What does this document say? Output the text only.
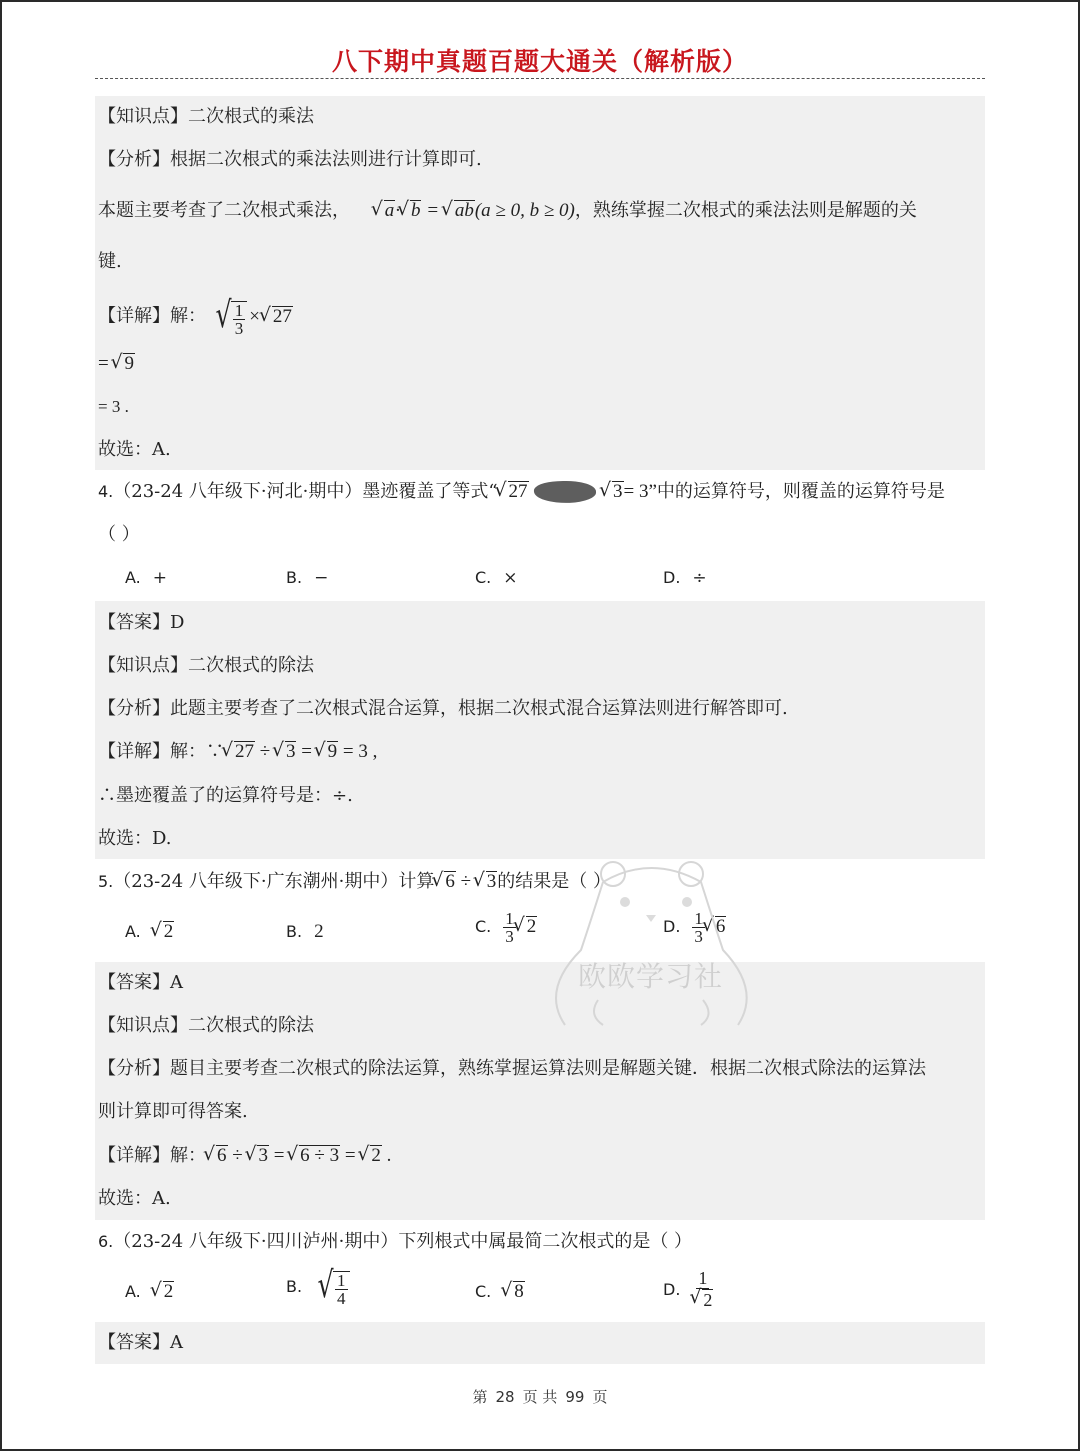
八下期中真题百题大通关（解析版）
【知识点】二次根式的乘法
【分析】根据二次根式的乘法法则进行计算即可.
本题主要考查了二次根式乘法， √ a· √ b = √ ab(a ≥ 0, b ≥ 0)，熟练掌握二次根式的乘法法则是解题的关
键.
【详解】解： √ $\frac{1}{3}$ × √ 27
= √ 9
= 3 .
故选：A.
4.（23-24 八年级下·河北·期中）墨迹覆盖了等式“ √ 27	√ 3= 3”中的运算符号，则覆盖的运算符号是
（ ）
A. +	B. −	C. ×	D. ÷
【答案】D
【知识点】二次根式的除法
【分析】此题主要考查了二次根式混合运算，根据二次根式混合运算法则进行解答即可.
【详解】解：∵ √ 27 ÷ √ 3 = √ 9 = 3 ,
∴墨迹覆盖了的运算符号是：÷.
故选：D.
5.（23-24 八年级下·广东潮州·期中）计算 √ 6 ÷ √ 3的结果是（ ）
A. √ 2	B. 2	C. $\frac{1}{3}$ √ 2	D. $\frac{1}{3}$ √ 6
【答案】A
【知识点】二次根式的除法
【分析】题目主要考查二次根式的除法运算，熟练掌握运算法则是解题关键．根据二次根式除法的运算法
则计算即可得答案.
【详解】解： √ 6 ÷ √ 3 = √ 6 ÷ 3 = √ 2 .
故选：A.
6.（23-24 八年级下·四川泸州·期中）下列根式中属最简二次根式的是（ ）
A. √ 2	B. √ $\frac{1}{4}$	C. √ 8	D. 1
√ 2
【答案】A
欧欧学习社
第 28 页 共 99 页
